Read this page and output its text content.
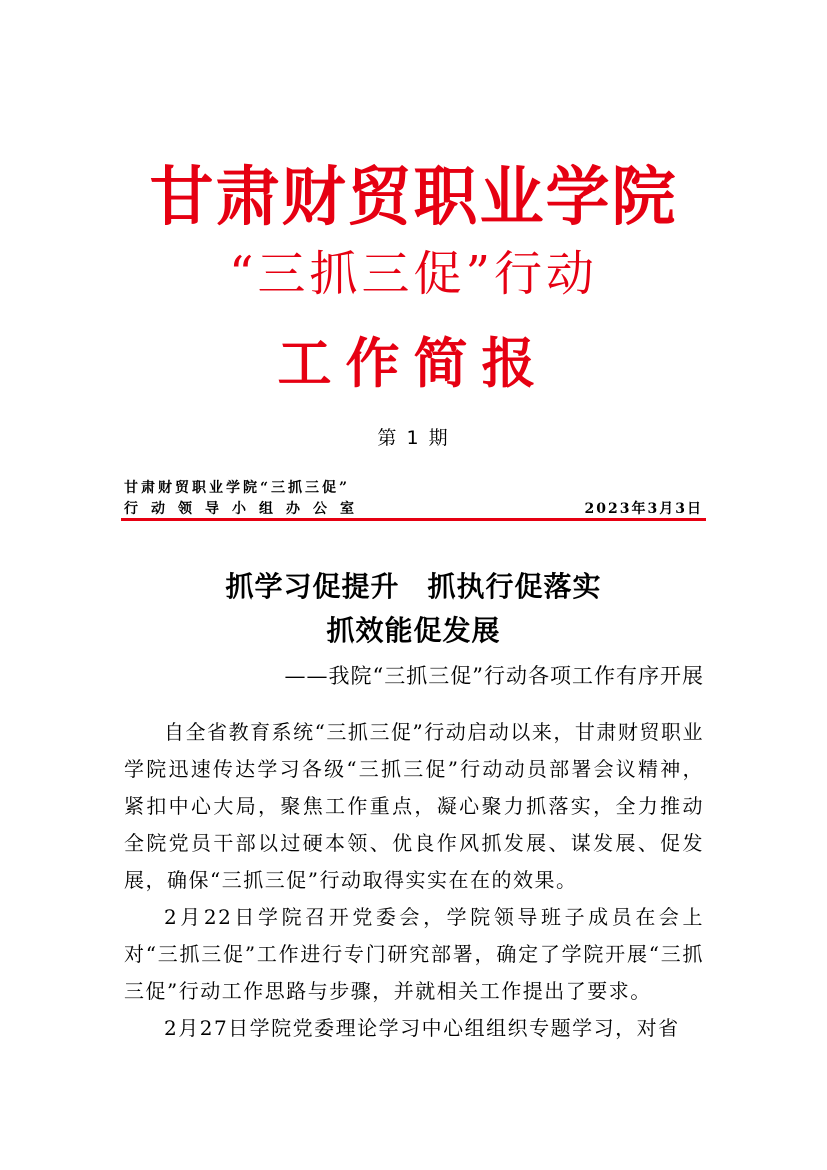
甘肃财贸职业学院
“三抓三促”行动
工作简报
第 1 期
甘肃财贸职业学院“三抓三促”
行动领导小组办公室	2023年3月3日
抓学习促提升 抓执行促落实
抓效能促发展
——我院“三抓三促”行动各项工作有序开展

自全省教育系统“三抓三促”行动启动以来，甘肃财贸职业学院迅速传达学习各级“三抓三促”行动动员部署会议精神，紧扣中心大局，聚焦工作重点，凝心聚力抓落实，全力推动全院党员干部以过硬本领、优良作风抓发展、谋发展、促发展，确保“三抓三促”行动取得实实在在的效果。

2月22日学院召开党委会，学院领导班子成员在会上对“三抓三促”工作进行专门研究部署，确定了学院开展“三抓三促”行动工作思路与步骤，并就相关工作提出了要求。

2月27日学院党委理论学习中心组组织专题学习，对省
